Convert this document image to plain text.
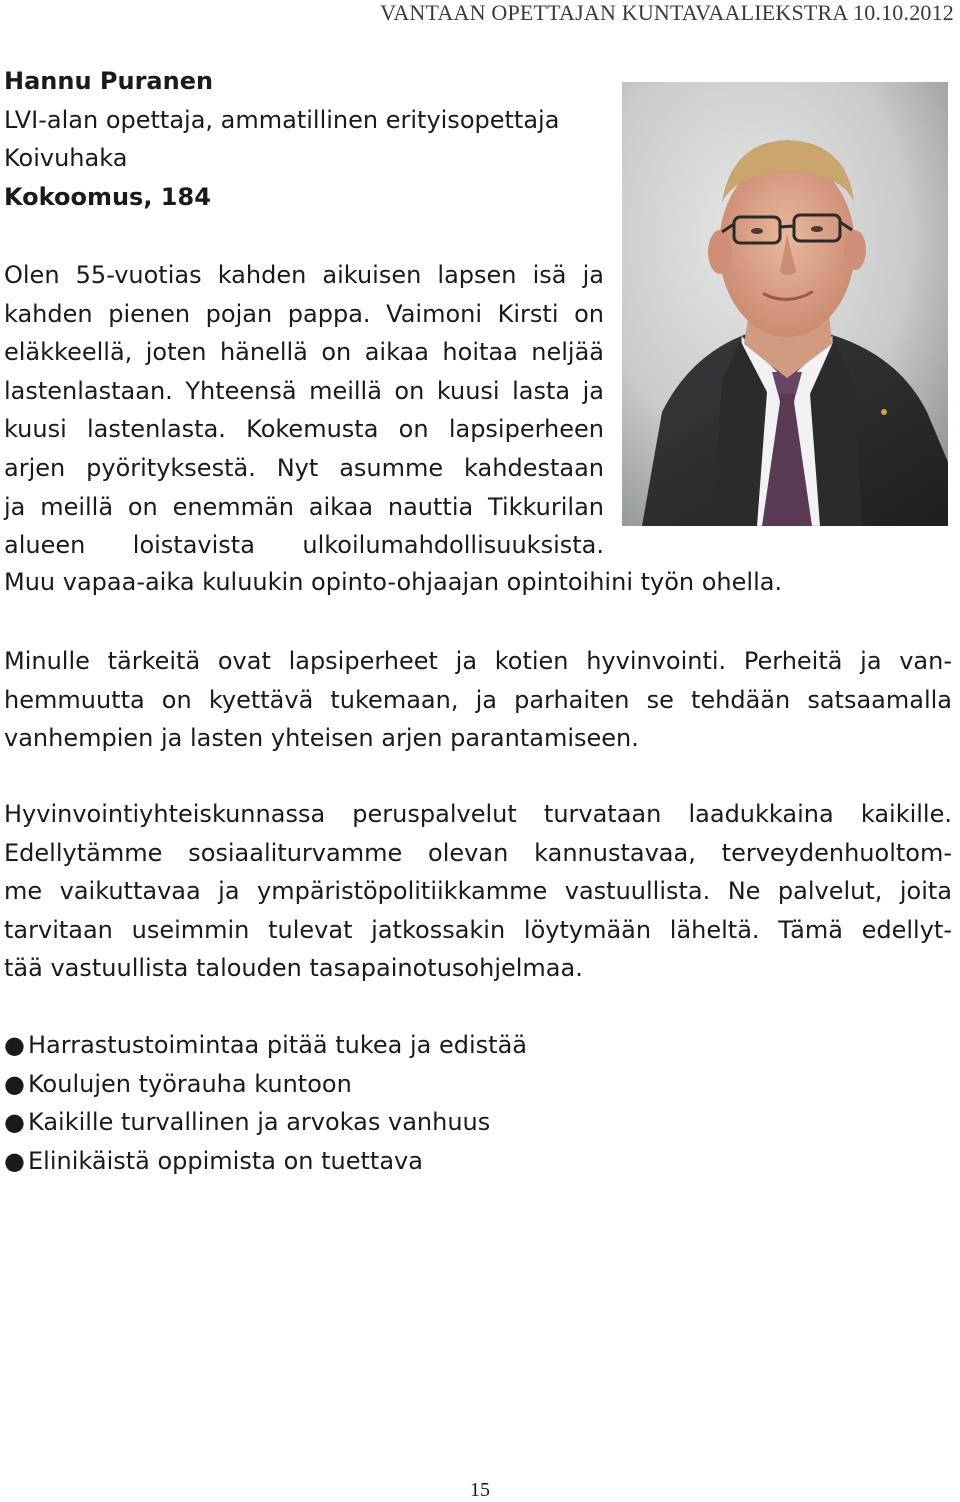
VANTAAN OPETTAJAN KUNTAVAALIEKSTRA 10.10.2012
Hannu Puranen
LVI-alan opettaja, ammatillinen erityisopettaja
Koivuhaka
Kokoomus, 184
Olen 55-vuotias kahden aikuisen lapsen isä ja
kahden pienen pojan pappa. Vaimoni Kirsti on
eläkkeellä, joten hänellä on aikaa hoitaa neljää
lastenlastaan. Yhteensä meillä on kuusi lasta ja
kuusi lastenlasta. Kokemusta on lapsiperheen
arjen pyörityksestä. Nyt asumme kahdestaan
ja meillä on enemmän aikaa nauttia Tikkurilan
alueen loistavista ulkoilumahdollisuuksista.
Muu vapaa-aika kuluukin opinto-ohjaajan opintoihini työn ohella.
Minulle tärkeitä ovat lapsiperheet ja kotien hyvinvointi. Perheitä ja van-
hemmuutta on kyettävä tukemaan, ja parhaiten se tehdään satsaamalla
vanhempien ja lasten yhteisen arjen parantamiseen.
Hyvinvointiyhteiskunnassa peruspalvelut turvataan laadukkaina kaikille.
Edellytämme sosiaaliturvamme olevan kannustavaa, terveydenhuoltom-
me vaikuttavaa ja ympäristöpolitiikkamme vastuullista. Ne palvelut, joita
tarvitaan useimmin tulevat jatkossakin löytymään läheltä. Tämä edellyt-
tää vastuullista talouden tasapainotusohjelmaa.
● Harrastustoimintaa pitää tukea ja edistää
● Koulujen työrauha kuntoon
● Kaikille turvallinen ja arvokas vanhuus
● Elinikäistä oppimista on tuettava
15
